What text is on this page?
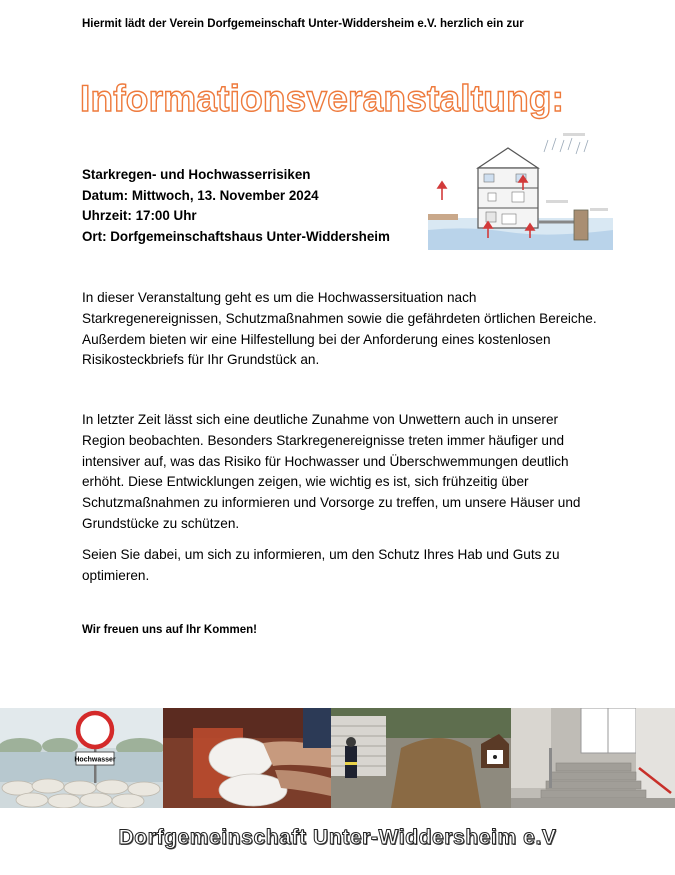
Hiermit lädt der Verein Dorfgemeinschaft Unter-Widdersheim e.V. herzlich ein zur
Informationsveranstaltung:
Starkregen- und Hochwasserrisiken
Datum: Mittwoch, 13. November 2024
Uhrzeit: 17:00 Uhr
Ort: Dorfgemeinschaftshaus Unter-Widdersheim

In dieser Veranstaltung geht es um die Hochwassersituation nach Starkregenereignissen, Schutzmaßnahmen sowie die gefährdeten örtlichen Bereiche. Außerdem bieten wir eine Hilfestellung bei der Anforderung eines kostenlosen Risikosteckbriefs für Ihr Grundstück an.

In letzter Zeit lässt sich eine deutliche Zunahme von Unwettern auch in unserer Region beobachten. Besonders Starkregenereignisse treten immer häufiger und intensiver auf, was das Risiko für Hochwasser und Überschwemmungen deutlich erhöht. Diese Entwicklungen zeigen, wie wichtig es ist, sich frühzeitig über Schutzmaßnahmen zu informieren und Vorsorge zu treffen, um unsere Häuser und Grundstücke zu schützen.

Seien Sie dabei, um sich zu informieren, um den Schutz Ihres Hab und Guts zu optimieren.

Wir freuen uns auf Ihr Kommen!
Hochwasser
Dorfgemeinschaft Unter-Widdersheim e.V
